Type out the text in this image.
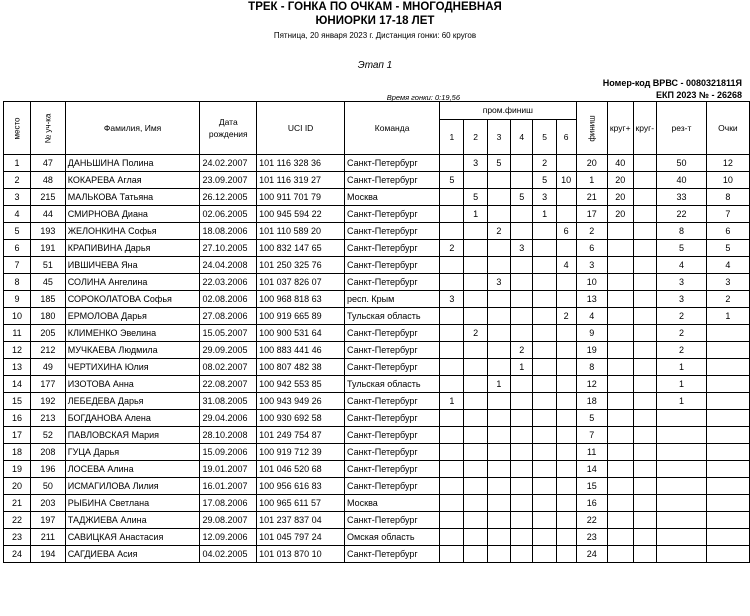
ТРЕК - ГОНКА ПО ОЧКАМ - МНОГОДНЕВНАЯ
ЮНИОРКИ 17-18 ЛЕТ
Пятница, 20 января 2023 г. Дистанция гонки: 60 кругов
Этап 1
Время гонки: 0:19,56
Номер-код ВРВС - 0080321811Я
ЕКП 2023 № - 26268
место	№ уч-ка	Фамилия, Имя	Дата рождения	UCI ID	Команда	пром.финиш						финиш	круг+	круг-	рез-т	Очки
						1	2	3	4	5	6					
1	47	ДАНЬШИНА Полина	24.02.2007	101 116 328 36	Санкт-Петербург		3	5		2		20	40		50	12
2	48	КОКАРЕВА Аглая	23.09.2007	101 116 319 27	Санкт-Петербург	5				5	10	1	20		40	10
3	215	МАЛЬКОВА Татьяна	26.12.2005	100 911 701 79	Москва		5		5	3		21	20		33	8
4	44	СМИРНОВА Диана	02.06.2005	100 945 594 22	Санкт-Петербург		1			1		17	20		22	7
5	193	ЖЕЛОНКИНА Софья	18.08.2006	101 110 589 20	Санкт-Петербург			2			6	2			8	6
6	191	КРАПИВИНА Дарья	27.10.2005	100 832 147 65	Санкт-Петербург	2			3			6			5	5
7	51	ИВШИЧЕВА Яна	24.04.2008	101 250 325 76	Санкт-Петербург						4	3			4	4
8	45	СОЛИНА Ангелина	22.03.2006	101 037 826 07	Санкт-Петербург			3				10			3	3
9	185	СОРОКОЛАТОВА Софья	02.08.2006	100 968 818 63	респ. Крым	3						13			3	2
10	180	ЕРМОЛОВА Дарья	27.08.2006	100 919 665 89	Тульская область						2	4			2	1
11	205	КЛИМЕНКО Эвелина	15.05.2007	100 900 531 64	Санкт-Петербург		2					9			2	
12	212	МУЧКАЕВА Людмила	29.09.2005	100 883 441 46	Санкт-Петербург				2			19			2	
13	49	ЧЕРТИХИНА Юлия	08.02.2007	100 807 482 38	Санкт-Петербург				1			8			1	
14	177	ИЗОТОВА Анна	22.08.2007	100 942 553 85	Тульская область			1				12			1	
15	192	ЛЕБЕДЕВА Дарья	31.08.2005	100 943 949 26	Санкт-Петербург	1						18			1	
16	213	БОГДАНОВА Алена	29.04.2006	100 930 692 58	Санкт-Петербург							5				
17	52	ПАВЛОВСКАЯ Мария	28.10.2008	101 249 754 87	Санкт-Петербург							7				
18	208	ГУЦА Дарья	15.09.2006	100 919 712 39	Санкт-Петербург							11				
19	196	ЛОСЕВА Алина	19.01.2007	101 046 520 68	Санкт-Петербург							14				
20	50	ИСМАГИЛОВА Лилия	16.01.2007	100 956 616 83	Санкт-Петербург							15				
21	203	РЫБИНА Светлана	17.08.2006	100 965 611 57	Москва							16				
22	197	ТАДЖИЕВА Алина	29.08.2007	101 237 837 04	Санкт-Петербург							22				
23	211	САВИЦКАЯ Анастасия	12.09.2006	101 045 797 24	Омская область							23				
24	194	САГДИЕВА Асия	04.02.2005	101 013 870 10	Санкт-Петербург							24				
